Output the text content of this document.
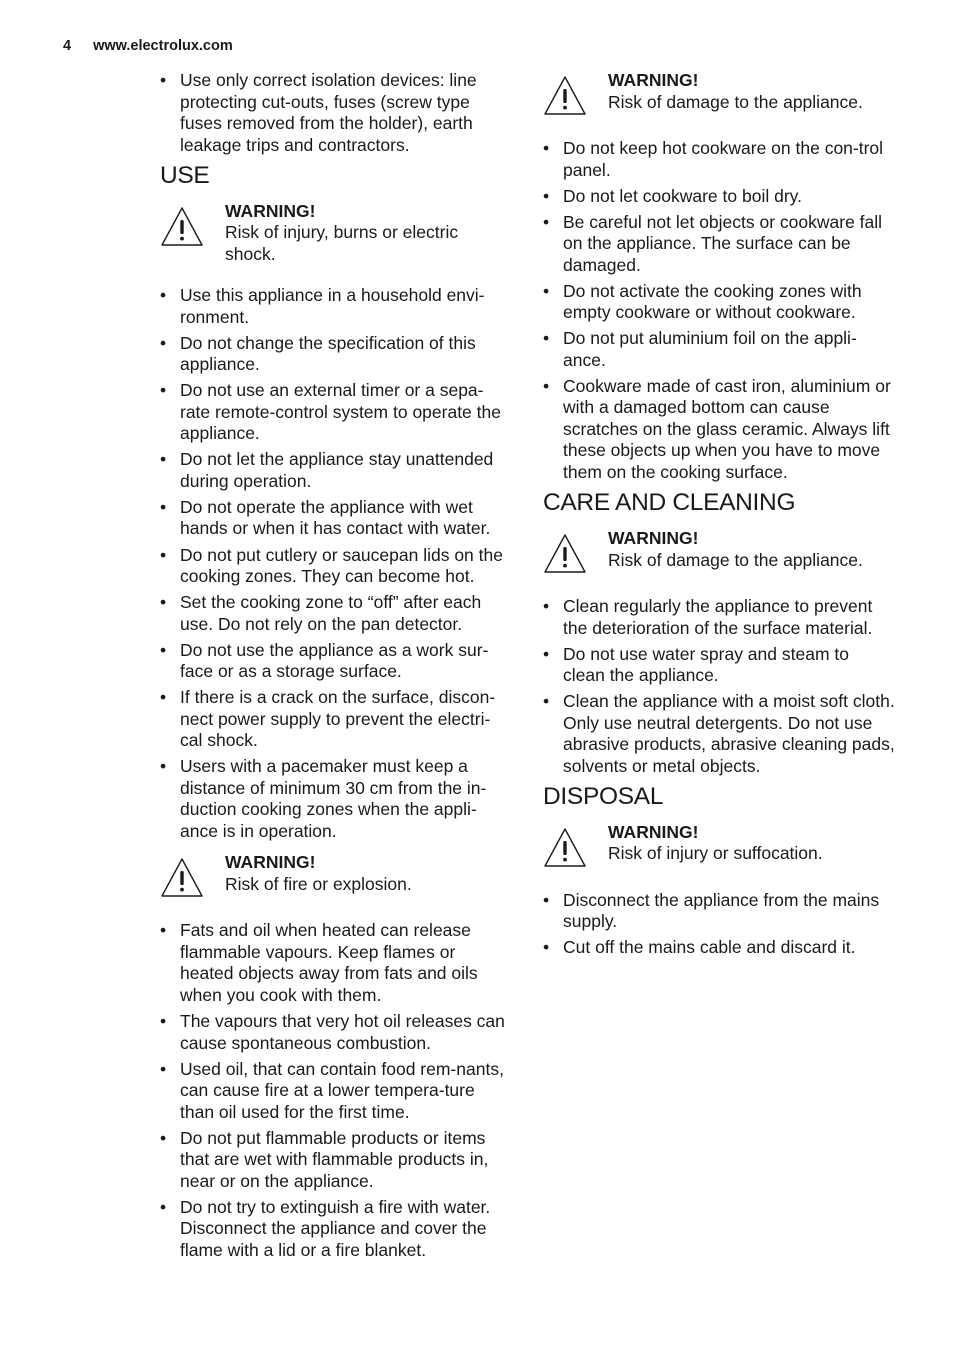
4 www.electrolux.com
• Use only correct isolation devices: line protecting cut-outs, fuses (screw type fuses removed from the holder), earth leakage trips and contractors.
USE
WARNING!
Risk of injury, burns or electric shock.
• Use this appliance in a household envi-ronment.
• Do not change the specification of this appliance.
• Do not use an external timer or a sepa-rate remote-control system to operate the appliance.
• Do not let the appliance stay unattended during operation.
• Do not operate the appliance with wet hands or when it has contact with water.
• Do not put cutlery or saucepan lids on the cooking zones. They can become hot.
• Set the cooking zone to “off” after each use. Do not rely on the pan detector.
• Do not use the appliance as a work sur-face or as a storage surface.
• If there is a crack on the surface, discon-nect power supply to prevent the electri-cal shock.
• Users with a pacemaker must keep a distance of minimum 30 cm from the in-duction cooking zones when the appli-ance is in operation.
WARNING!
Risk of fire or explosion.
• Fats and oil when heated can release flammable vapours. Keep flames or heated objects away from fats and oils when you cook with them.
• The vapours that very hot oil releases can cause spontaneous combustion.
• Used oil, that can contain food rem-nants, can cause fire at a lower tempera-ture than oil used for the first time.
• Do not put flammable products or items that are wet with flammable products in, near or on the appliance.
• Do not try to extinguish a fire with water. Disconnect the appliance and cover the flame with a lid or a fire blanket.
WARNING!
Risk of damage to the appliance.
• Do not keep hot cookware on the con-trol panel.
• Do not let cookware to boil dry.
• Be careful not let objects or cookware fall on the appliance. The surface can be damaged.
• Do not activate the cooking zones with empty cookware or without cookware.
• Do not put aluminium foil on the appli-ance.
• Cookware made of cast iron, aluminium or with a damaged bottom can cause scratches on the glass ceramic. Always lift these objects up when you have to move them on the cooking surface.
CARE AND CLEANING
WARNING!
Risk of damage to the appliance.
• Clean regularly the appliance to prevent the deterioration of the surface material.
• Do not use water spray and steam to clean the appliance.
• Clean the appliance with a moist soft cloth. Only use neutral detergents. Do not use abrasive products, abrasive cleaning pads, solvents or metal objects.
DISPOSAL
WARNING!
Risk of injury or suffocation.
• Disconnect the appliance from the mains supply.
• Cut off the mains cable and discard it.
